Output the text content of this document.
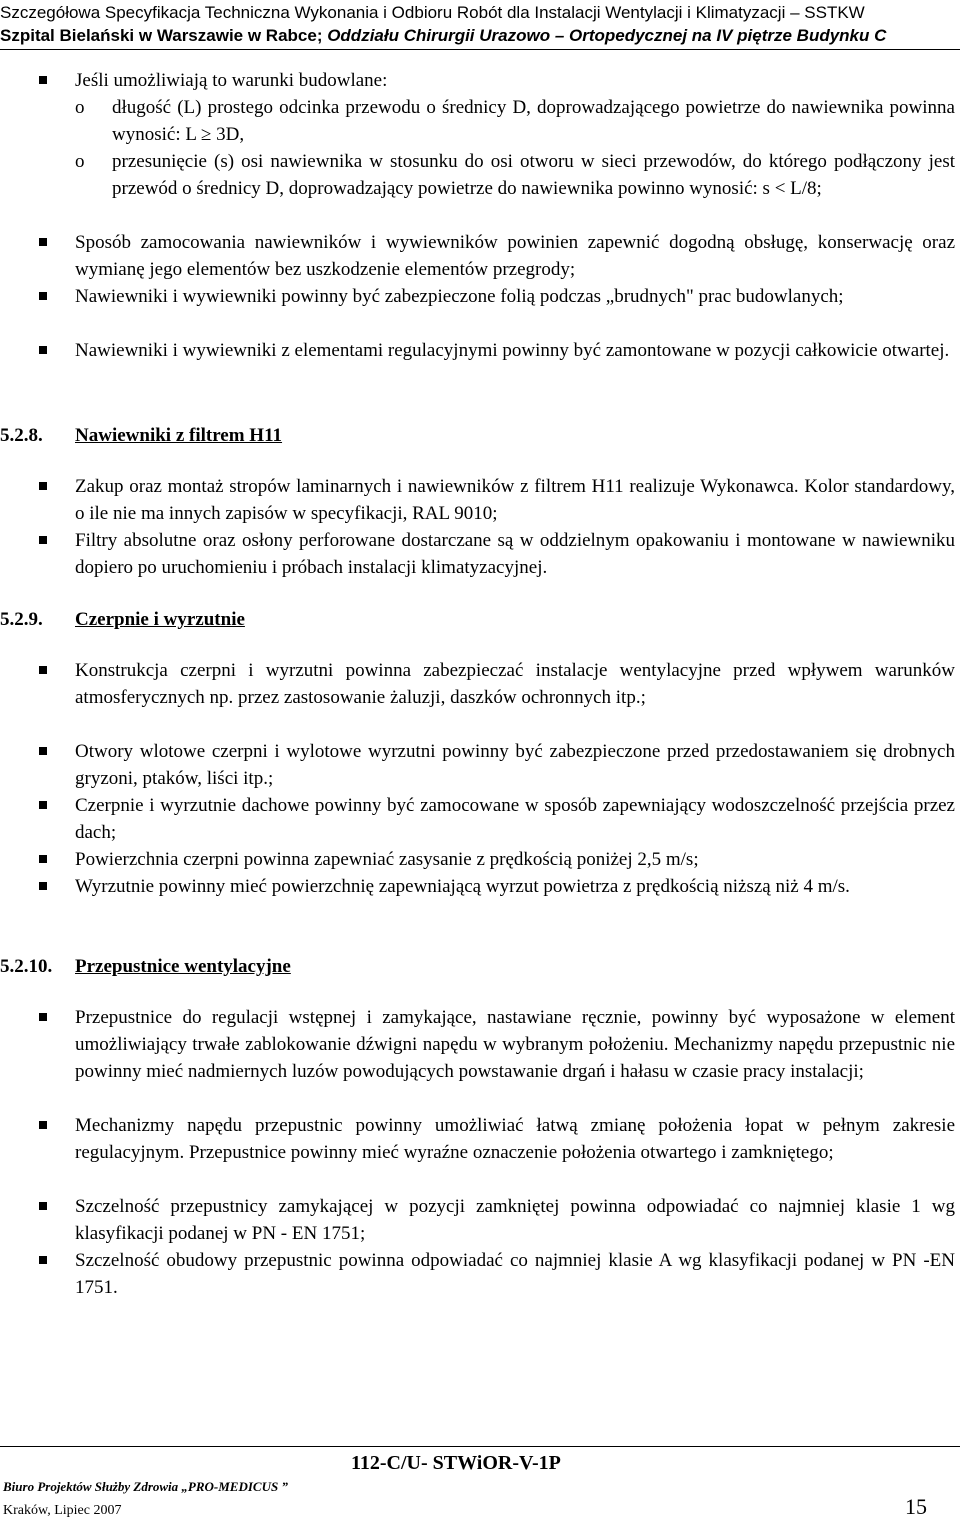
Szczegółowa Specyfikacja Techniczna Wykonania i Odbioru Robót dla Instalacji Wentylacji i Klimatyzacji – SSTKW
Szpital Bielański w Warszawie w Rabce; Oddziału Chirurgii Urazowo – Ortopedycznej na IV piętrze Budynku C
Jeśli umożliwiają to warunki budowlane:
o długość (L) prostego odcinka przewodu o średnicy D, doprowadzającego powietrze do nawiewnika powinna wynosić: L ≥ 3D,
o przesunięcie (s) osi nawiewnika w stosunku do osi otworu w sieci przewodów, do którego podłączony jest przewód o średnicy D, doprowadzający powietrze do nawiewnika powinno wynosić: s < L/8;
Sposób zamocowania nawiewników i wywiewników powinien zapewnić dogodną obsługę, konserwację oraz wymianę jego elementów bez uszkodzenie elementów przegrody;
Nawiewniki i wywiewniki powinny być zabezpieczone folią podczas „brudnych" prac budowlanych;
Nawiewniki i wywiewniki z elementami regulacyjnymi powinny być zamontowane w pozycji całkowicie otwartej.
5.2.8. Nawiewniki z filtrem H11
Zakup oraz montaż stropów laminarnych i nawiewników z filtrem H11 realizuje Wykonawca. Kolor standardowy, o ile nie ma innych zapisów w specyfikacji, RAL 9010;
Filtry absolutne oraz osłony perforowane dostarczane są w oddzielnym opakowaniu i montowane w nawiewniku dopiero po uruchomieniu i próbach instalacji klimatyzacyjnej.
5.2.9. Czerpnie i wyrzutnie
Konstrukcja czerpni i wyrzutni powinna zabezpieczać instalacje wentylacyjne przed wpływem warunków atmosferycznych np. przez zastosowanie żaluzji, daszków ochronnych itp.;
Otwory wlotowe czerpni i wylotowe wyrzutni powinny być zabezpieczone przed przedostawaniem się drobnych gryzoni, ptaków, liści itp.;
Czerpnie i wyrzutnie dachowe powinny być zamocowane w sposób zapewniający wodoszczelność przejścia przez dach;
Powierzchnia czerpni powinna zapewniać zasysanie z prędkością poniżej 2,5 m/s;
Wyrzutnie powinny mieć powierzchnię zapewniającą wyrzut powietrza z prędkością niższą niż 4 m/s.
5.2.10. Przepustnice wentylacyjne
Przepustnice do regulacji wstępnej i zamykające, nastawiane ręcznie, powinny być wyposażone w element umożliwiający trwałe zablokowanie dźwigni napędu w wybranym położeniu. Mechanizmy napędu przepustnic nie powinny mieć nadmiernych luzów powodujących powstawanie drgań i hałasu w czasie pracy instalacji;
Mechanizmy napędu przepustnic powinny umożliwiać łatwą zmianę położenia łopat w pełnym zakresie regulacyjnym. Przepustnice powinny mieć wyraźne oznaczenie położenia otwartego i zamkniętego;
Szczelność przepustnicy zamykającej w pozycji zamkniętej powinna odpowiadać co najmniej klasie 1 wg klasyfikacji podanej w PN - EN 1751;
Szczelność obudowy przepustnic powinna odpowiadać co najmniej klasie A wg klasyfikacji podanej w PN -EN 1751.
112-C/U- STWiOR-V-1P
Biuro Projektów Służby Zdrowia „PRO-MEDICUS ”
Kraków, Lipiec 2007	15
